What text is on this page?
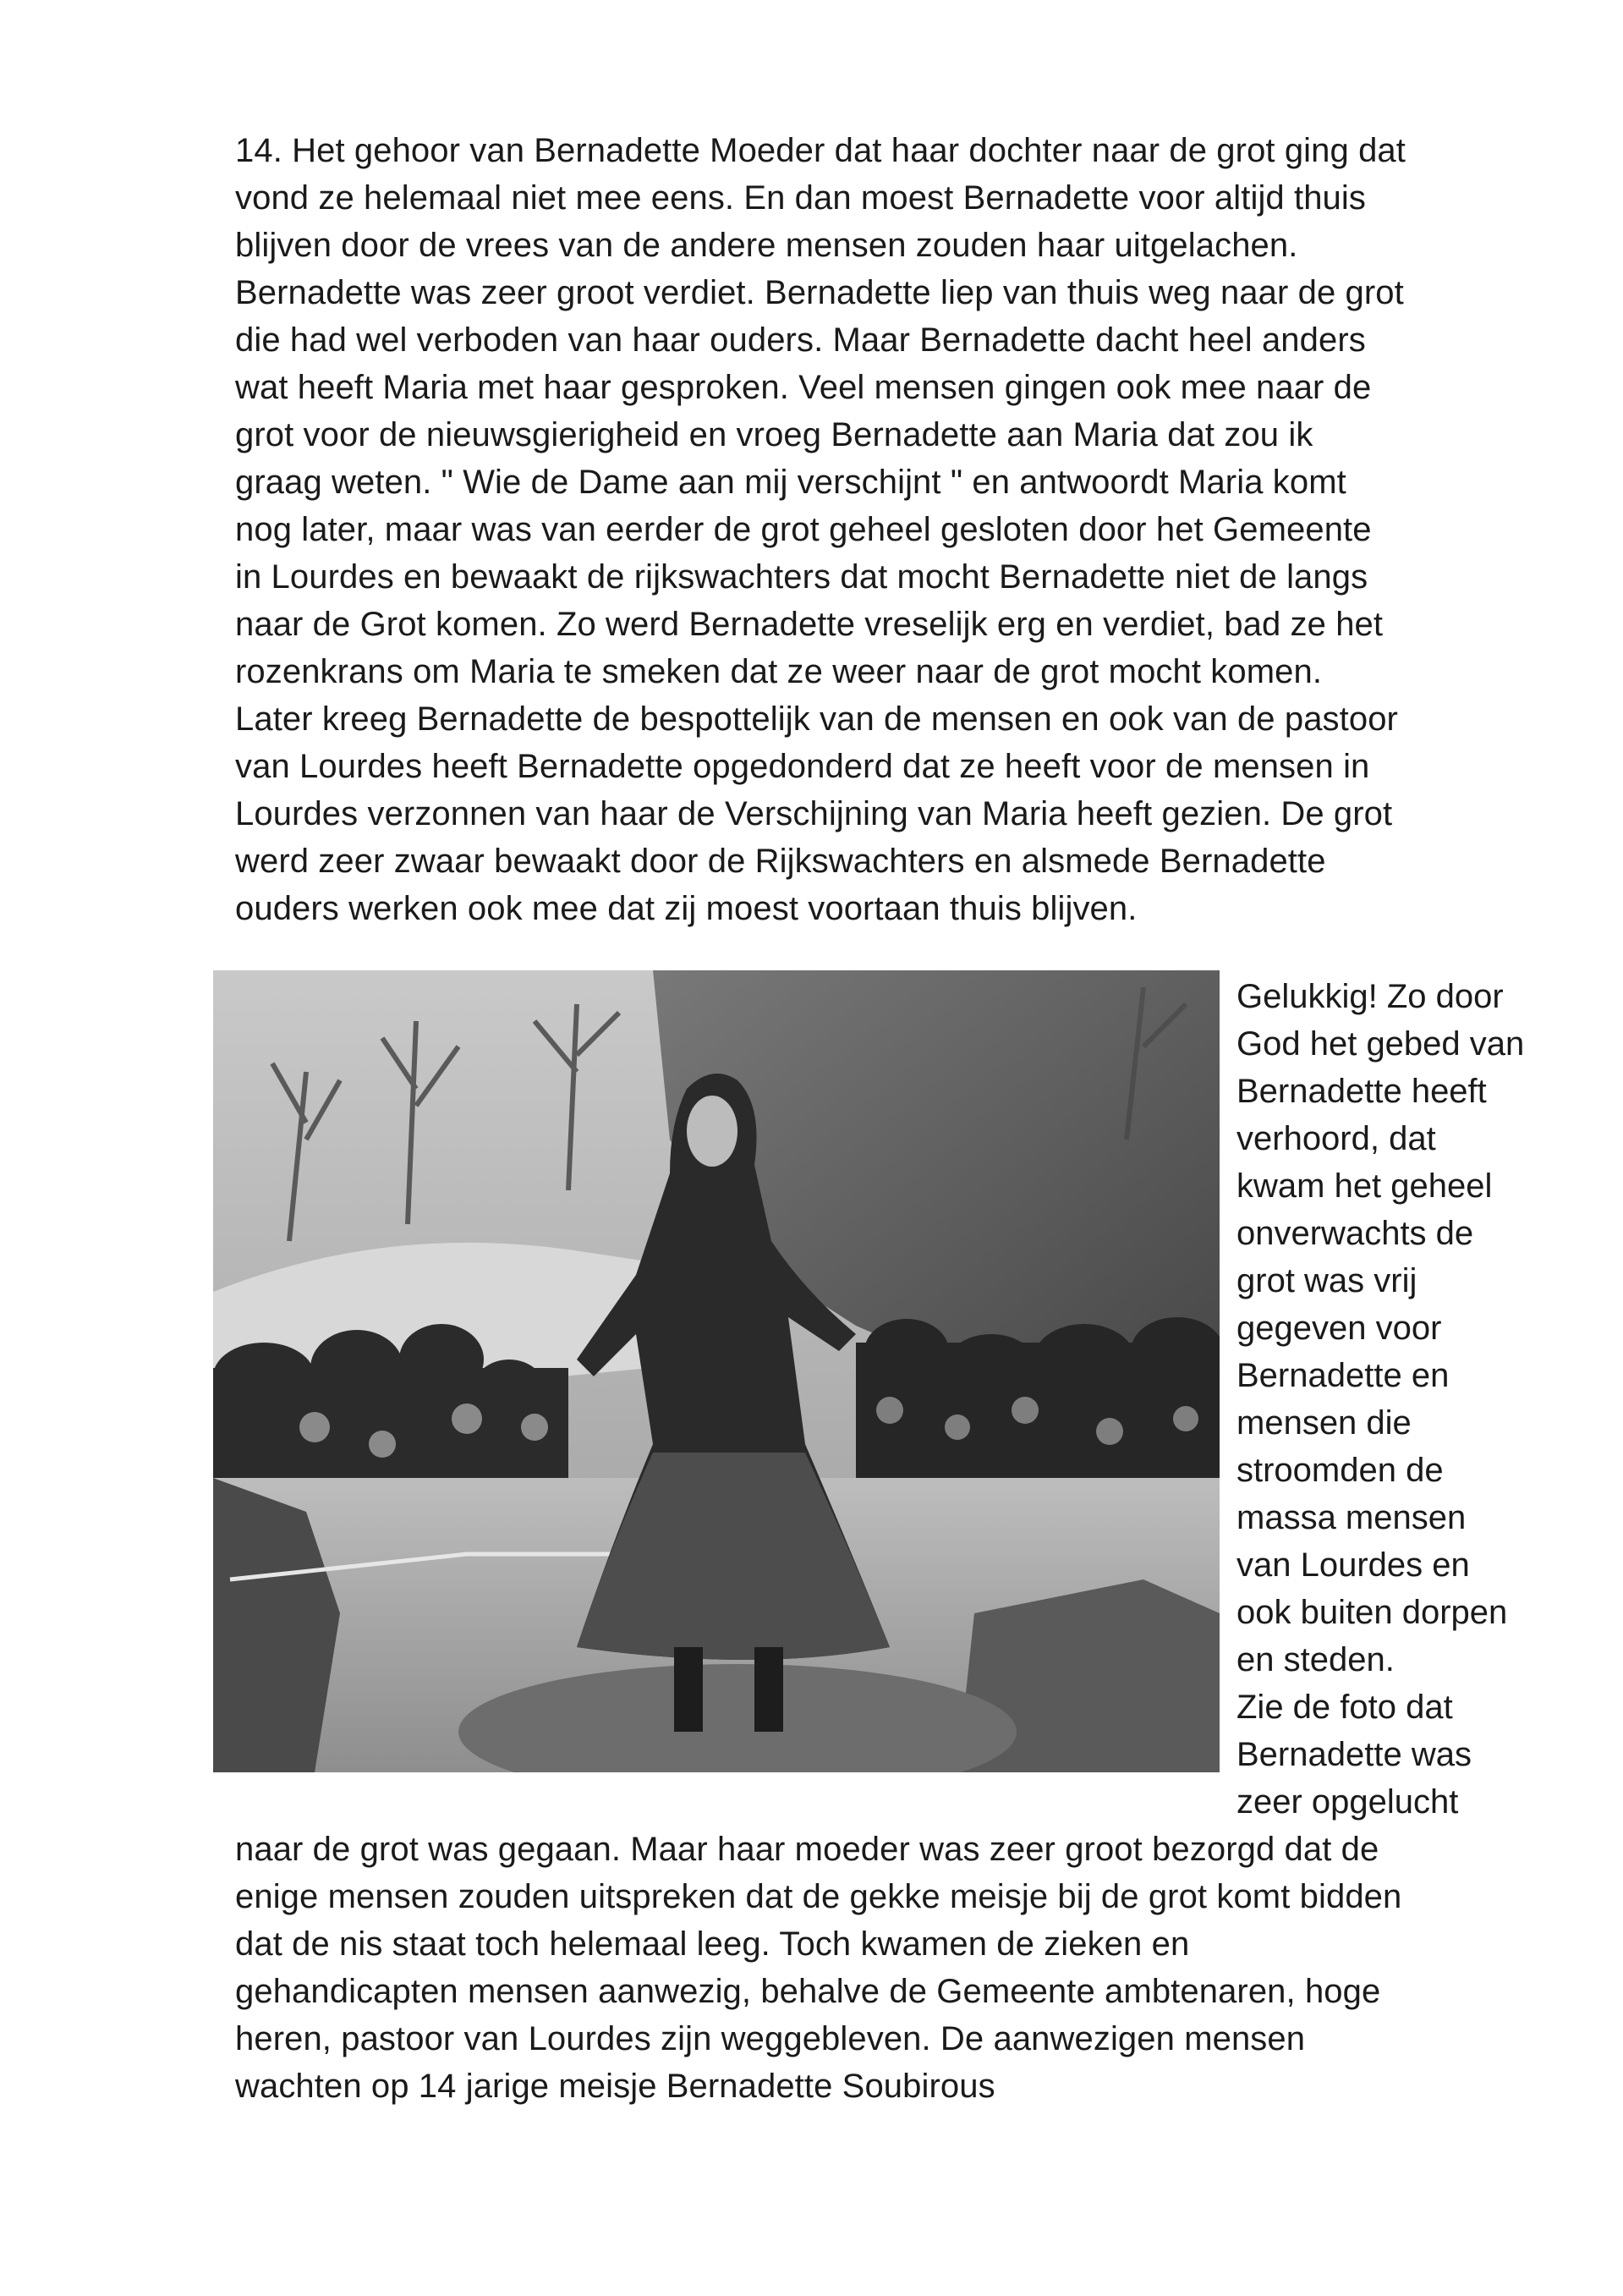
14. Het gehoor van Bernadette Moeder dat haar dochter naar de grot ging dat
vond ze helemaal niet mee eens. En dan moest Bernadette voor altijd thuis
blijven door de vrees van de andere mensen zouden haar uitgelachen.
Bernadette was zeer groot verdiet. Bernadette liep van thuis weg naar de grot
die had wel verboden van haar ouders. Maar Bernadette dacht heel anders
wat heeft Maria met haar gesproken. Veel mensen gingen ook mee naar de
grot voor de nieuwsgierigheid en vroeg Bernadette aan Maria dat zou ik
graag weten. " Wie de Dame aan mij verschijnt " en antwoordt Maria komt
nog later, maar was van eerder de grot geheel gesloten door het Gemeente
in Lourdes en bewaakt de rijkswachters dat mocht Bernadette niet de langs
naar de Grot komen. Zo werd Bernadette vreselijk erg en verdiet, bad ze het
rozenkrans om Maria te smeken dat ze weer naar de grot mocht komen.
Later kreeg Bernadette de bespottelijk van de mensen en ook van de pastoor
van Lourdes heeft Bernadette opgedonderd dat ze heeft voor de mensen in
Lourdes verzonnen van haar de Verschijning van Maria heeft gezien. De grot
werd zeer zwaar bewaakt door de Rijkswachters en alsmede Bernadette
ouders werken ook mee dat zij moest voortaan thuis blijven.
Gelukkig! Zo door
God het gebed van
Bernadette heeft
verhoord, dat
kwam het geheel
onverwachts de
grot was vrij
gegeven voor
Bernadette en
mensen die
stroomden de
massa mensen
van Lourdes en
ook buiten dorpen
en steden.
Zie de foto dat
Bernadette was
zeer opgelucht
naar de grot was gegaan. Maar haar moeder was zeer groot bezorgd dat de
enige mensen zouden uitspreken dat de gekke meisje bij de grot komt bidden
dat de nis staat toch helemaal leeg. Toch kwamen de zieken en
gehandicapten mensen aanwezig, behalve de Gemeente ambtenaren, hoge
heren, pastoor van Lourdes zijn weggebleven. De aanwezigen mensen
wachten op 14 jarige meisje Bernadette Soubirous
